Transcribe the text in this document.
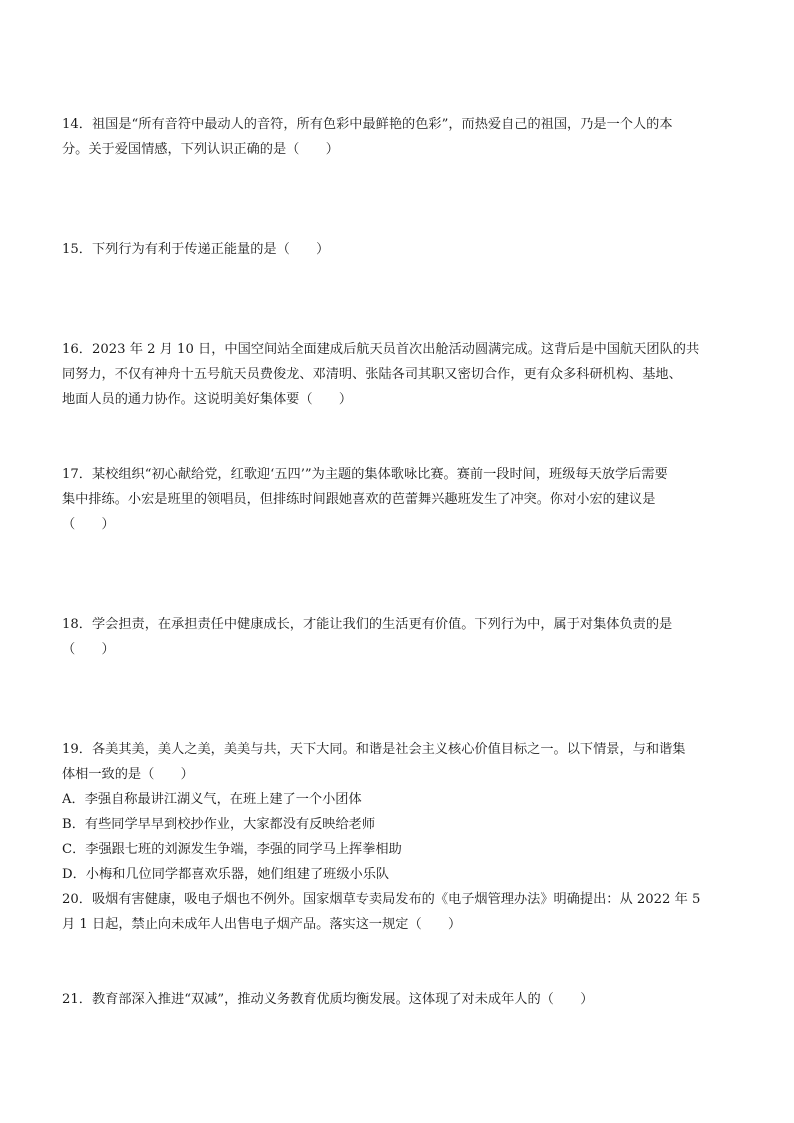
14．祖国是“所有音符中最动人的音符，所有色彩中最鲜艳的色彩”，而热爱自己的祖国，乃是一个人的本
分。关于爱国情感，下列认识正确的是（　　）

15．下列行为有利于传递正能量的是（　　）

16．2023 年 2 月 10 日，中国空间站全面建成后航天员首次出舱活动圆满完成。这背后是中国航天团队的共
同努力，不仅有神舟十五号航天员费俊龙、邓清明、张陆各司其职又密切合作，更有众多科研机构、基地、
地面人员的通力协作。这说明美好集体要（　　）

17．某校组织“初心献给党，红歌迎‘五四’”为主题的集体歌咏比赛。赛前一段时间，班级每天放学后需要
集中排练。小宏是班里的领唱员，但排练时间跟她喜欢的芭蕾舞兴趣班发生了冲突。你对小宏的建议是
（　　）

18．学会担责，在承担责任中健康成长，才能让我们的生活更有价值。下列行为中，属于对集体负责的是
（　　）

19．各美其美，美人之美，美美与共，天下大同。和谐是社会主义核心价值目标之一。以下情景，与和谐集
体相一致的是（　　）
A．李强自称最讲江湖义气，在班上建了一个小团体
B．有些同学早早到校抄作业，大家都没有反映给老师
C．李强跟七班的刘源发生争端，李强的同学马上挥拳相助
D．小梅和几位同学都喜欢乐器，她们组建了班级小乐队
20．吸烟有害健康，吸电子烟也不例外。国家烟草专卖局发布的《电子烟管理办法》明确提出：从 2022 年 5
月 1 日起，禁止向未成年人出售电子烟产品。落实这一规定（　　）

21．教育部深入推进“双减”，推动义务教育优质均衡发展。这体现了对未成年人的（　　）
